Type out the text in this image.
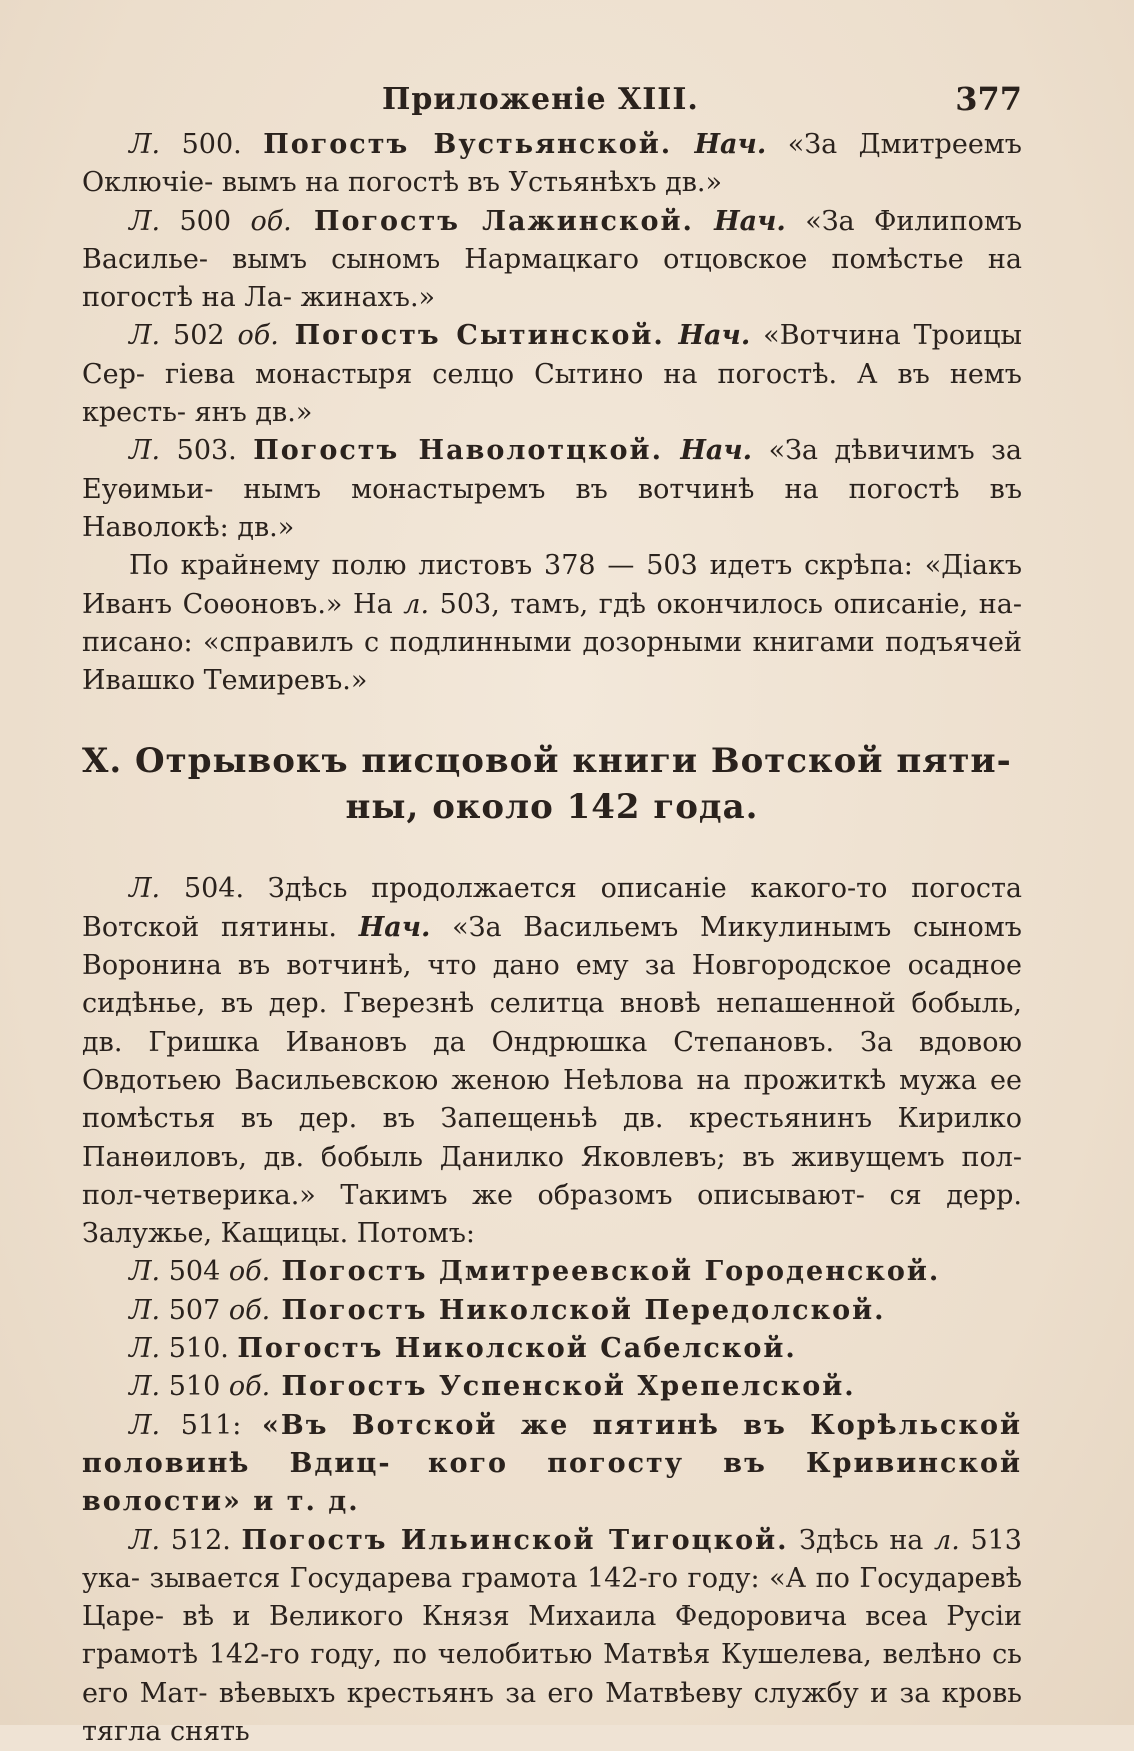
Приложеніе XIII.	377

Л. 500. Погостъ Вустьянской. Нач. «За Дмитреемъ Оключіе- вымъ на погостѣ въ Устьянѣхъ дв.»

Л. 500 об. Погостъ Лажинской. Нач. «За Филипомъ Василье- вымъ сыномъ Нармацкаго отцовское помѣстье на погостѣ на Ла- жинахъ.»

Л. 502 об. Погостъ Сытинской. Нач. «Вотчина Троицы Сер- гіева монастыря селцо Сытино на погостѣ. А въ немъ кресть- янъ дв.»

Л. 503. Погостъ Наволотцкой. Нач. «За дѣвичимъ за Еуѳимьи- нымъ монастыремъ въ вотчинѣ на погостѣ въ Наволокѣ: дв.»

По крайнему полю листовъ 378 — 503 идетъ скрѣпа: «Діакъ Иванъ Соѳоновъ.» На л. 503, тамъ, гдѣ окончилось описаніе, на- писано: «справилъ с подлинными дозорными книгами подъячей Ивашко Темиревъ.»

X. Отрывокъ писцовой книги Вотской пяти-
ны, около 142 года.

Л. 504. Здѣсь продолжается описаніе какого-то погоста Вотской пятины. Нач. «За Васильемъ Микулинымъ сыномъ Воронина въ вотчинѣ, что дано ему за Новгородское осадное сидѣнье, въ дер. Гверезнѣ селитца вновѣ непашенной бобыль, дв. Гришка Ивановъ да Ондрюшка Степановъ. За вдовою Овдотьею Васильевскою женою Неѣлова на прожиткѣ мужа ее помѣстья въ дер. въ Запещеньѣ дв. крестьянинъ Кирилко Панѳиловъ, дв. бобыль Данилко Яковлевъ; въ живущемъ пол-пол-четверика.» Такимъ же образомъ описывают- ся дерр. Залужье, Кащицы. Потомъ:

Л. 504 об. Погостъ Дмитреевской Городенской.

Л. 507 об. Погостъ Николской Передолской.

Л. 510. Погостъ Николской Сабелской.

Л. 510 об. Погостъ Успенской Хрепелской.

Л. 511: «Въ Вотской же пятинѣ въ Корѣльской половинѣ Вдиц- кого погосту въ Кривинской волости» и т. д.

Л. 512. Погостъ Ильинской Тигоцкой. Здѣсь на л. 513 ука- зывается Государева грамота 142-го году: «А по Государевѣ Царе- вѣ и Великого Князя Михаила Федоровича всеа Русіи грамотѣ 142-го году, по челобитью Матвѣя Кушелева, велѣно сь его Мат- вѣевыхъ крестьянъ за его Матвѣеву службу и за кровь тягла снять
